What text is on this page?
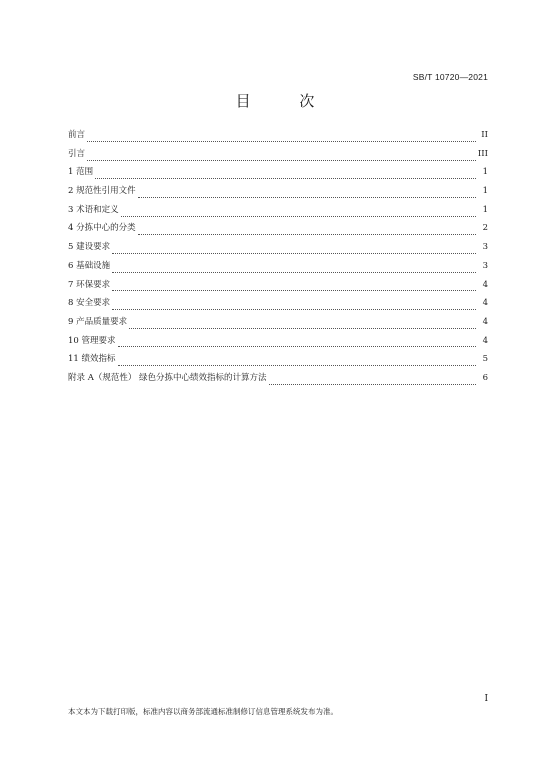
SB/T 10720—2021
目 次
前言	II
引言	III
1 范围	1
2 规范性引用文件	1
3 术语和定义	1
4 分拣中心的分类	2
5 建设要求	3
6 基础设施	3
7 环保要求	4
8 安全要求	4
9 产品质量要求	4
10 管理要求	4
11 绩效指标	5
附录 A（规范性） 绿色分拣中心绩效指标的计算方法	6
I
本文本为下载打印版，标准内容以商务部流通标准制修订信息管理系统发布为准。
